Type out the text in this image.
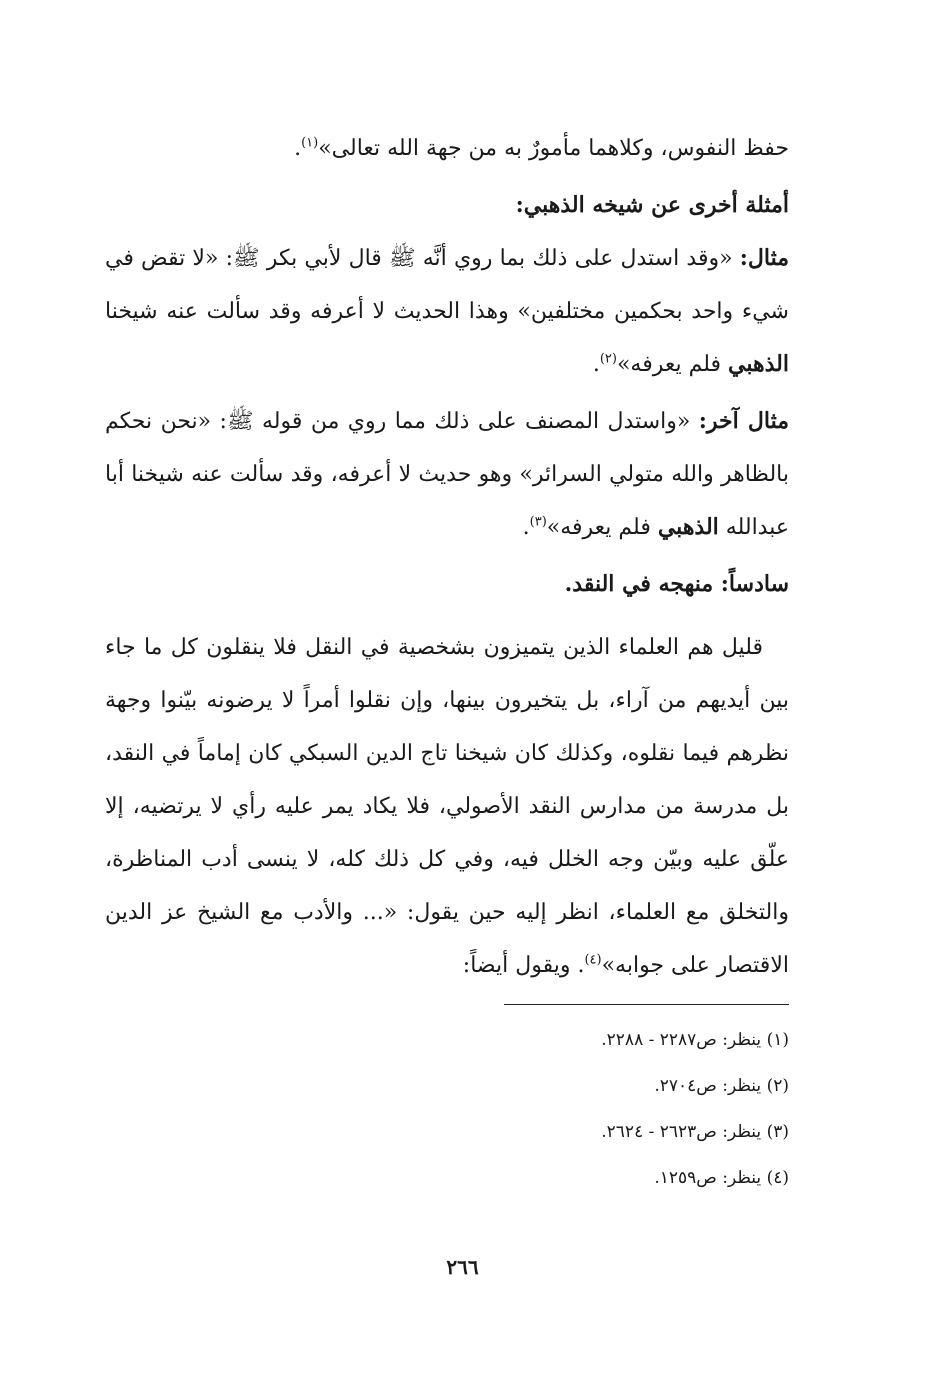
حفظ النفوس، وكلاهما مأمورٌ به من جهة الله تعالى»$^{(١)}$.

أمثلة أخرى عن شيخه الذهبي:

مثال: «وقد استدل على ذلك بما روي أنَّه ﷺ قال لأبي بكر ﷺ: «لا تقض في شيء واحد بحكمين مختلفين» وهذا الحديث لا أعرفه وقد سألت عنه شيخنا الذهبي فلم يعرفه»$^{(٢)}$.

مثال آخر: «واستدل المصنف على ذلك مما روي من قوله ﷺ: «نحن نحكم بالظاهر والله متولي السرائر» وهو حديث لا أعرفه، وقد سألت عنه شيخنا أبا عبدالله الذهبي فلم يعرفه»$^{(٣)}$.

سادساً: منهجه في النقد.

قليل هم العلماء الذين يتميزون بشخصية في النقل فلا ينقلون كل ما جاء بين أيديهم من آراء، بل يتخيرون بينها، وإن نقلوا أمراً لا يرضونه بيّنوا وجهة نظرهم فيما نقلوه، وكذلك كان شيخنا تاج الدين السبكي كان إماماً في النقد، بل مدرسة من مدارس النقد الأصولي، فلا يكاد يمر عليه رأي لا يرتضيه، إلا علّق عليه وبيّن وجه الخلل فيه، وفي كل ذلك كله، لا ينسى أدب المناظرة، والتخلق مع العلماء، انظر إليه حين يقول: «... والأدب مع الشيخ عز الدين الاقتصار على جوابه»$^{(٤)}$. ويقول أيضاً:

(١) ينظر: ص٢٢٨٧ - ٢٢٨٨.

(٢) ينظر: ص٢٧٠٤.

(٣) ينظر: ص٢٦٢٣ - ٢٦٢٤.

(٤) ينظر: ص١٢٥٩.

٢٦٦
